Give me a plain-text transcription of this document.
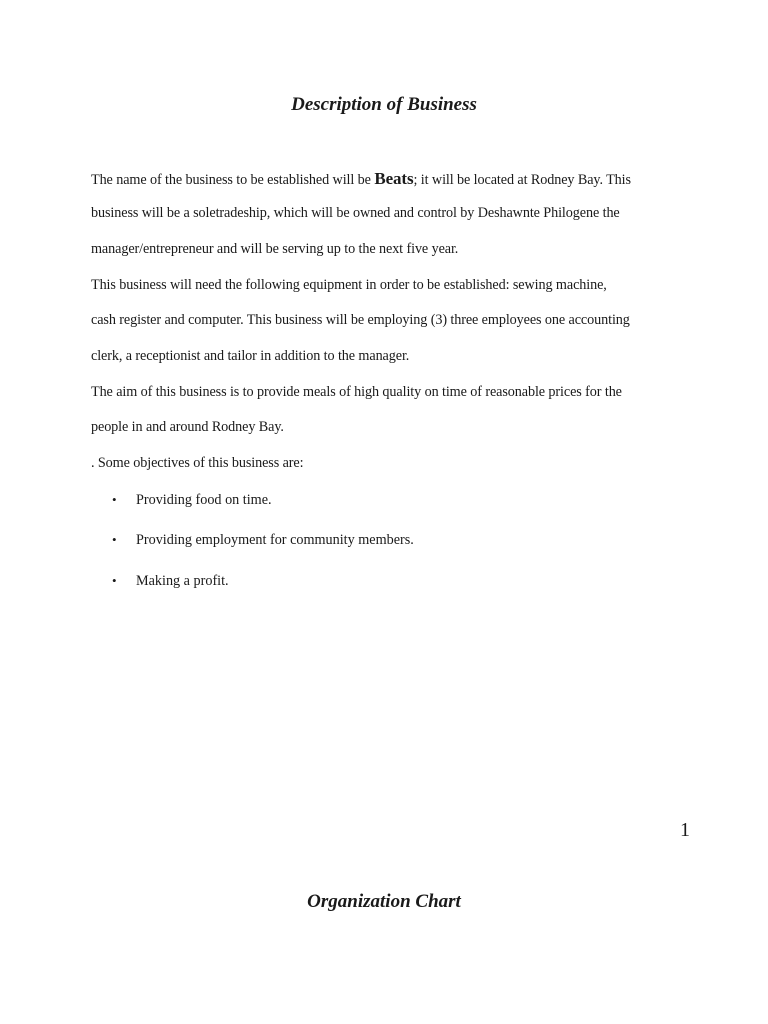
Description of Business

The name of the business to be established will be Beats; it will be located at Rodney Bay. This

business will be a soletradeship, which will be owned and control by Deshawnte Philogene the

manager/entrepreneur and will be serving up to the next five year.

This business will need the following equipment in order to be established: sewing machine,

cash register and computer. This business will be employing (3) three employees one accounting

clerk, a receptionist and tailor in addition to the manager.

The aim of this business is to provide meals of high quality on time of reasonable prices for the

people in and around Rodney Bay.

. Some objectives of this business are:

• Providing food on time.
• Providing employment for community members.
• Making a profit.
1
Organization Chart
